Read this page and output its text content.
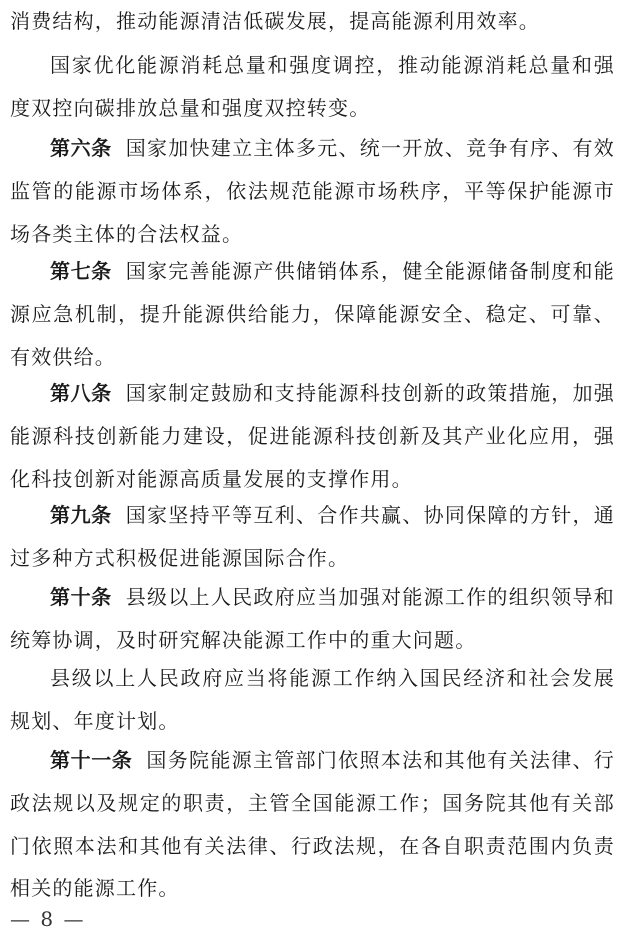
消费结构，推动能源清洁低碳发展，提高能源利用效率。

国家优化能源消耗总量和强度调控，推动能源消耗总量和强度双控向碳排放总量和强度双控转变。

第六条 国家加快建立主体多元、统一开放、竞争有序、有效监管的能源市场体系，依法规范能源市场秩序，平等保护能源市场各类主体的合法权益。

第七条 国家完善能源产供储销体系，健全能源储备制度和能源应急机制，提升能源供给能力，保障能源安全、稳定、可靠、有效供给。

第八条 国家制定鼓励和支持能源科技创新的政策措施，加强能源科技创新能力建设，促进能源科技创新及其产业化应用，强化科技创新对能源高质量发展的支撑作用。

第九条 国家坚持平等互利、合作共赢、协同保障的方针，通过多种方式积极促进能源国际合作。

第十条 县级以上人民政府应当加强对能源工作的组织领导和统筹协调，及时研究解决能源工作中的重大问题。

县级以上人民政府应当将能源工作纳入国民经济和社会发展规划、年度计划。

第十一条 国务院能源主管部门依照本法和其他有关法律、行政法规以及规定的职责，主管全国能源工作；国务院其他有关部门依照本法和其他有关法律、行政法规，在各自职责范围内负责相关的能源工作。

— 8 —
